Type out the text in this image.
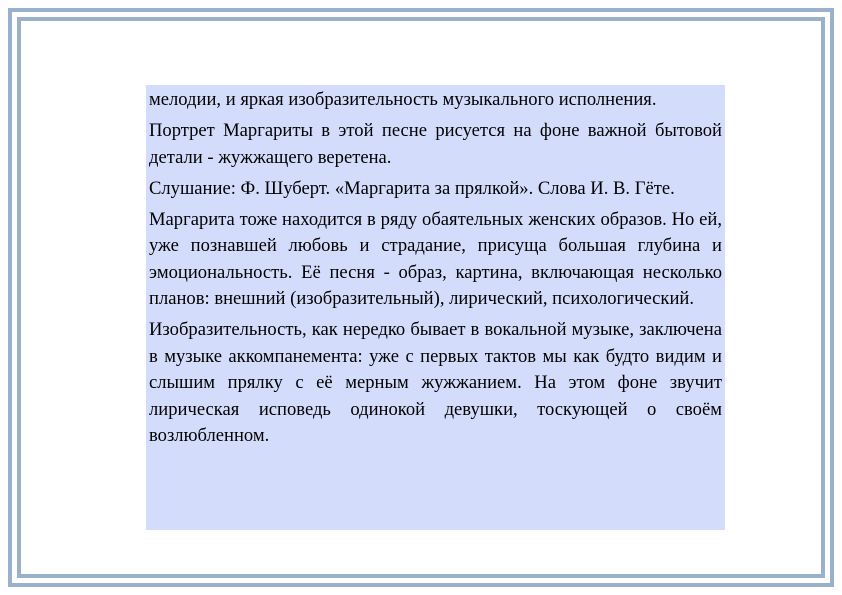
мелодии, и яркая изобразительность музыкального исполнения.

Портрет Маргариты в этой песне рисуется на фоне важной бытовой детали - жужжащего веретена.

Слушание: Ф. Шуберт. «Маргарита за прялкой». Слова И. В. Гёте.

Маргарита тоже находится в ряду обаятельных женских образов. Но ей, уже познавшей любовь и страдание, присуща большая глубина и эмоциональность. Её песня - образ, картина, включающая несколько планов: внешний (изобразительный), лирический, психологический.

Изобразительность, как нередко бывает в вокальной музыке, заключена в музыке аккомпанемента: уже с первых тактов мы как будто видим и слышим прялку с её мерным жужжанием. На этом фоне звучит лирическая исповедь одинокой девушки, тоскующей о своём возлюбленном.
